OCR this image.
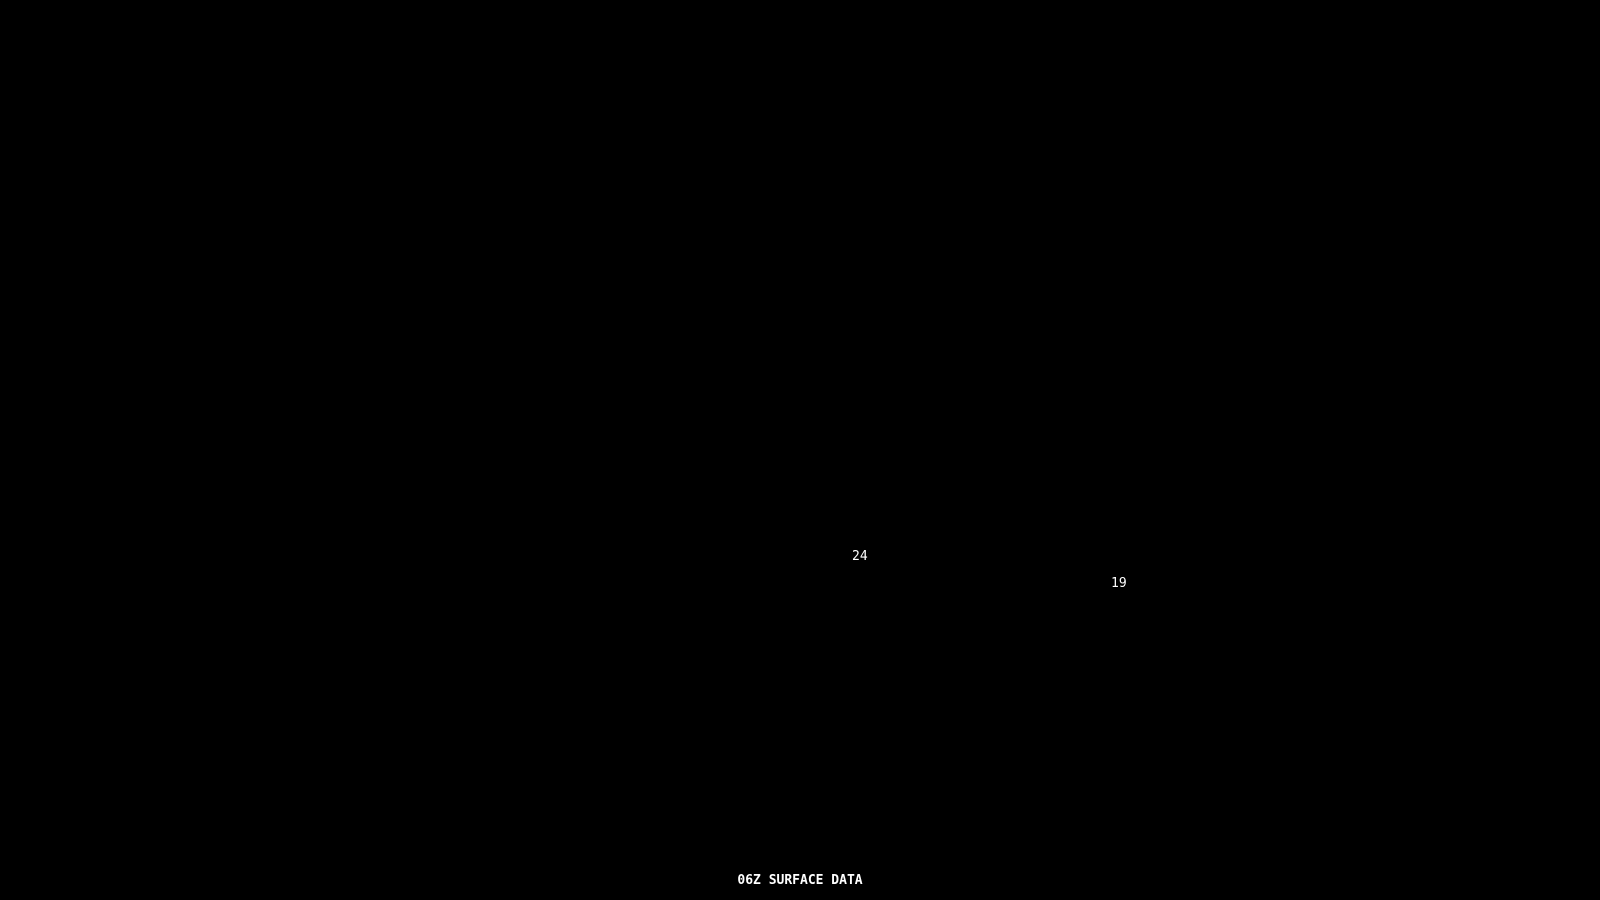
24
19
06Z SURFACE DATA
